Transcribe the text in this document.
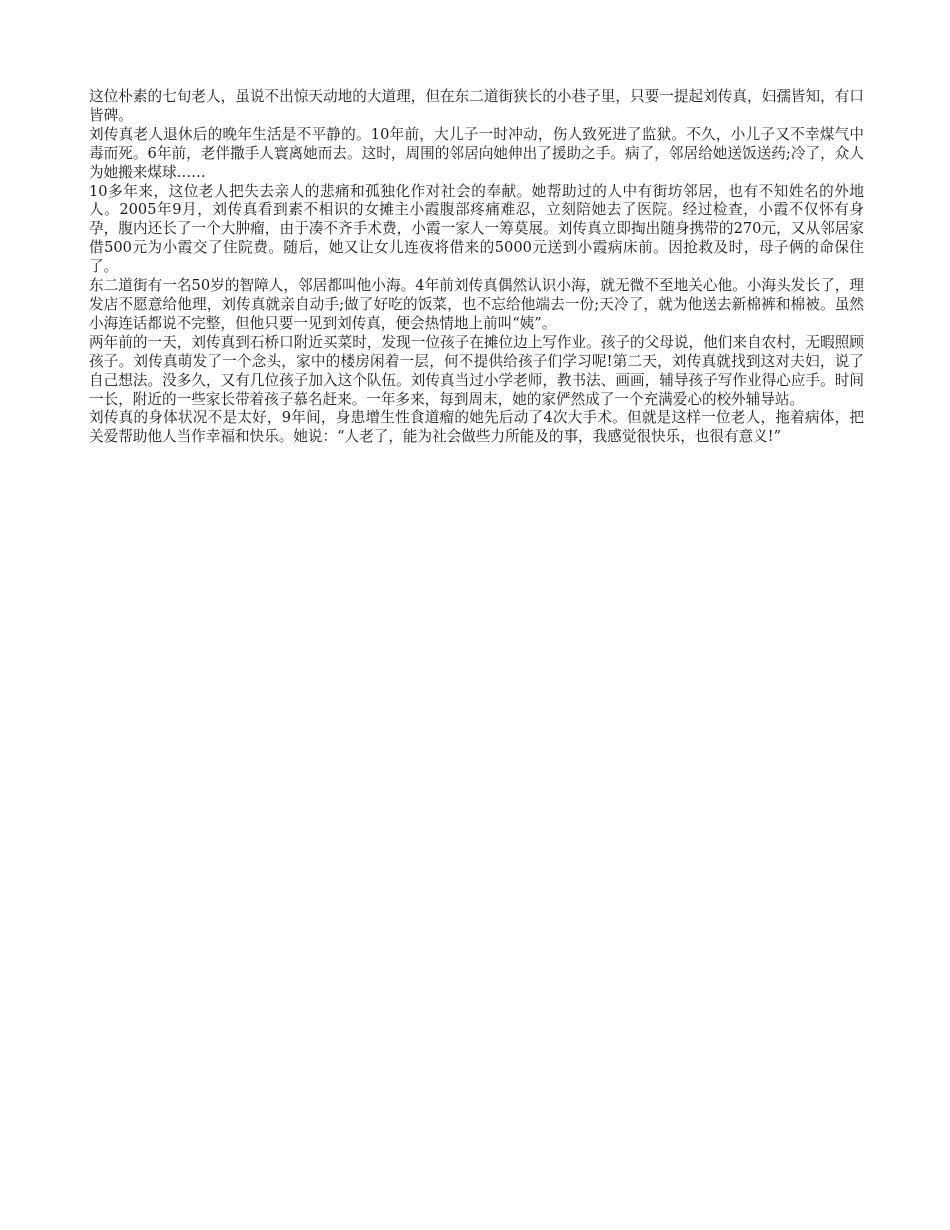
这位朴素的七旬老人，虽说不出惊天动地的大道理，但在东二道街狭长的小巷子里，只要一提起刘传真，妇孺皆知，有口皆碑。

刘传真老人退休后的晚年生活是不平静的。10年前，大儿子一时冲动，伤人致死进了监狱。不久，小儿子又不幸煤气中毒而死。6年前，老伴撒手人寰离她而去。这时，周围的邻居向她伸出了援助之手。病了，邻居给她送饭送药;冷了，众人为她搬来煤球……

10多年来，这位老人把失去亲人的悲痛和孤独化作对社会的奉献。她帮助过的人中有街坊邻居，也有不知姓名的外地人。2005年9月，刘传真看到素不相识的女摊主小霞腹部疼痛难忍，立刻陪她去了医院。经过检查，小霞不仅怀有身孕，腹内还长了一个大肿瘤，由于凑不齐手术费，小霞一家人一筹莫展。刘传真立即掏出随身携带的270元，又从邻居家借500元为小霞交了住院费。随后，她又让女儿连夜将借来的5000元送到小霞病床前。因抢救及时，母子俩的命保住了。

东二道街有一名50岁的智障人，邻居都叫他小海。4年前刘传真偶然认识小海，就无微不至地关心他。小海头发长了，理发店不愿意给他理，刘传真就亲自动手;做了好吃的饭菜，也不忘给他端去一份;天冷了，就为他送去新棉裤和棉被。虽然小海连话都说不完整，但他只要一见到刘传真，便会热情地上前叫“姨”。

两年前的一天，刘传真到石桥口附近买菜时，发现一位孩子在摊位边上写作业。孩子的父母说，他们来自农村，无暇照顾孩子。刘传真萌发了一个念头，家中的楼房闲着一层，何不提供给孩子们学习呢!第二天，刘传真就找到这对夫妇，说了自己想法。没多久，又有几位孩子加入这个队伍。刘传真当过小学老师，教书法、画画，辅导孩子写作业得心应手。时间一长，附近的一些家长带着孩子慕名赶来。一年多来，每到周末，她的家俨然成了一个充满爱心的校外辅导站。

刘传真的身体状况不是太好，9年间，身患增生性食道瘤的她先后动了4次大手术。但就是这样一位老人，拖着病体，把关爱帮助他人当作幸福和快乐。她说：“人老了，能为社会做些力所能及的事，我感觉很快乐，也很有意义!”
